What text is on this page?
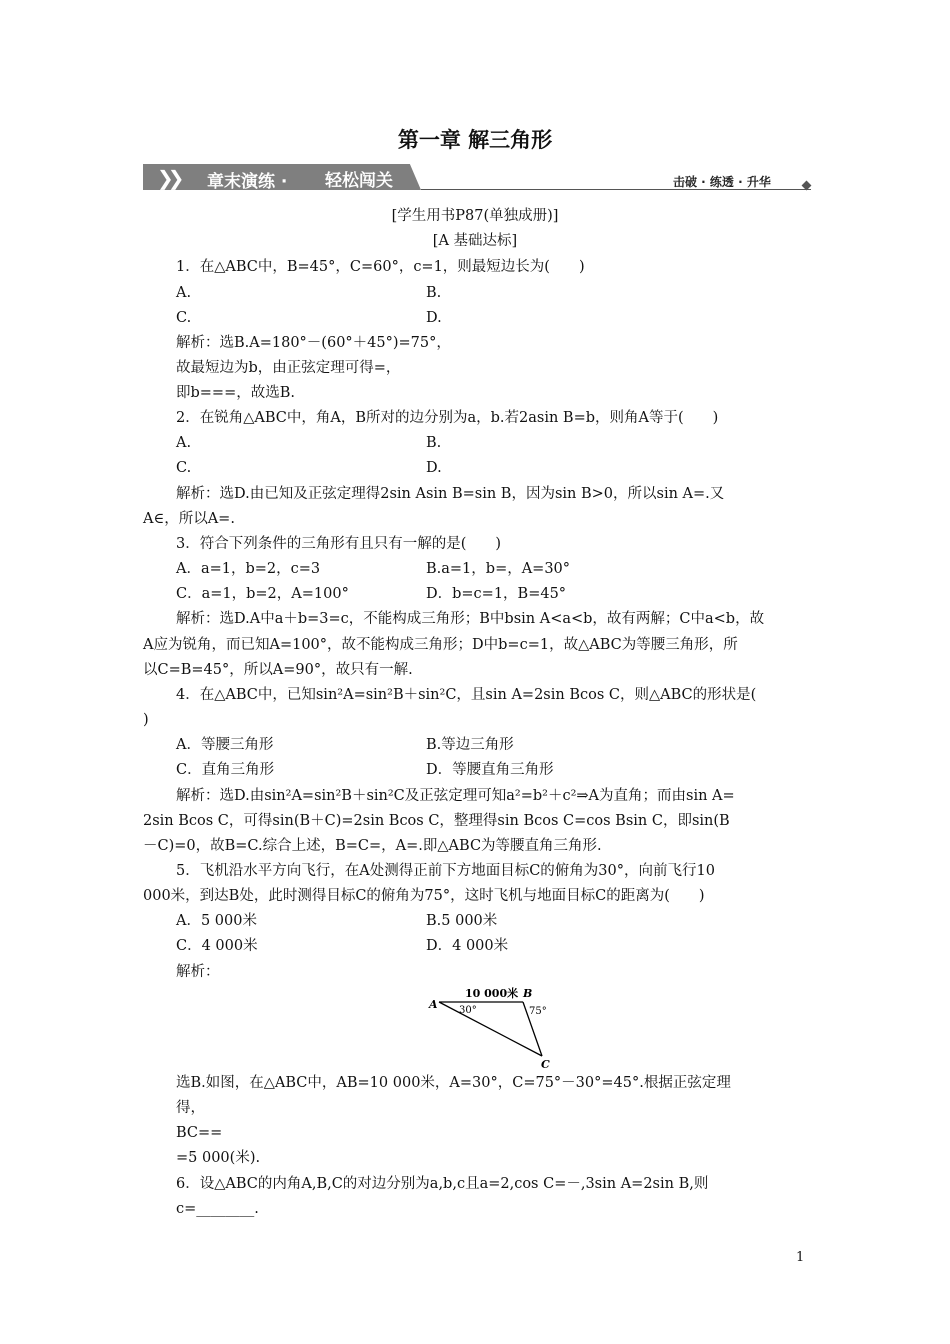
第一章 解三角形
❯❯ 章末演练 · 轻松闯关	击破 · 练透 · 升华
[学生用书P87(单独成册)]
[A 基础达标]
1．在△ABC中，B=45°，C=60°，c=1，则最短边长为(　　)
A.	B.
C.	D.
解析：选B.A=180°－(60°＋45°)=75°，
故最短边为b，由正弦定理可得=，
即b===，故选B.
2．在锐角△ABC中，角A，B所对的边分别为a，b.若2asin B=b，则角A等于(　　)
A.	B.
C.	D.
解析：选D.由已知及正弦定理得2sin Asin B=sin B，因为sin B>0，所以sin A=.又
A∈，所以A=.
3．符合下列条件的三角形有且只有一解的是(　　)
A．a=1，b=2，c=3	B.a=1，b=，A=30°
C．a=1，b=2，A=100°	D．b=c=1，B=45°
解析：选D.A中a＋b=3=c，不能构成三角形；B中bsin A<a<b，故有两解；C中a<b，故
A应为锐角，而已知A=100°，故不能构成三角形；D中b=c=1，故△ABC为等腰三角形，所
以C=B=45°，所以A=90°，故只有一解.
4．在△ABC中，已知sin²A=sin²B＋sin²C，且sin A=2sin Bcos C，则△ABC的形状是(
)
A．等腰三角形	B.等边三角形
C．直角三角形	D．等腰直角三角形
解析：选D.由sin²A=sin²B＋sin²C及正弦定理可知a²=b²＋c²⇒A为直角；而由sin A=
2sin Bcos C，可得sin(B＋C)=2sin Bcos C，整理得sin Bcos C=cos Bsin C，即sin(B
－C)=0，故B=C.综合上述，B=C=，A=.即△ABC为等腰直角三角形.
5．飞机沿水平方向飞行，在A处测得正前下方地面目标C的俯角为30°，向前飞行10
000米，到达B处，此时测得目标C的俯角为75°，这时飞机与地面目标C的距离为(　　)
A．5 000米	B.5 000米
C．4 000米	D．4 000米
解析：
选B.如图，在△ABC中，AB=10 000米，A=30°，C=75°－30°=45°.根据正弦定理
得，
BC==
=5 000(米).
6．设△ABC的内角A,B,C的对边分别为a,b,c且a=2,cos C=－,3sin A=2sin B,则
c=________.
10 000米
A
B
C
30°	75°
1
